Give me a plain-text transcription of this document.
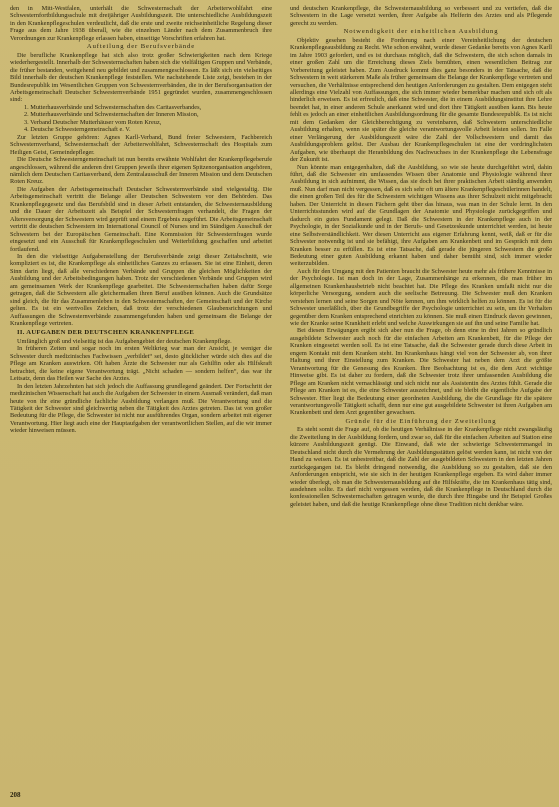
den in Mitt-Westfalen, unterhält die Schwesternschaft der Arbeiterwohlfahrt eine Schwesternfortbildungsschule mit dreijähriger Ausbildungszeit. Die unterschiedliche Ausbildungszeit in den Krankenpflegeschulen verdeutlicht, daß die erste und zweite reichseinheitliche Regelung dieser Frage aus dem Jahre 1938 überall, wie die einzelnen Länder nach dem Zusammenbruch ihre Verordnungen zur Krankenpflege erlassen haben, einseitige Vorschriften erfahren hat.

Aufteilung der Berufsverbände

Die berufliche Krankenpflege hat sich also trotz großer Schwierigkeiten nach dem Kriege wiederhergestellt. Innerhalb der Schwesternschaften haben sich die vielfältigen Gruppen und Verbände, die früher bestanden, weitgehend neu gebildet und zusammengeschlossen. Es läßt sich ein vielseitiges Bild innerhalb der deutschen Krankenpflege feststellen. Wie nachstehende Liste zeigt, bestehen in der Bundesrepublik im Wesentlichen Gruppen von Schwesternverbänden, die in der Berufsorganisation der Arbeitsgemeinschaft Deutscher Schwesternverbände 1951 gegründet wurden, zusammengeschlossen sind:

1. Mutterhausverbände und Schwesternschaften des Caritasverbandes,

2. Mutterhausverbände und Schwesternschaften der Inneren Mission,

3. Verband Deutscher Mutterhäuser vom Roten Kreuz,

4. Deutsche Schwesterngemeinschaft e. V.

Zur letzten Gruppe gehören: Agnes Karll-Verband, Bund freier Schwestern, Fachbereich Schwesternverband, Schwesternschaft der Arbeiterwohlfahrt, Schwesternschaft des Hospitals zum Heiligen Geist, Gemeindepfleger.

Die Deutsche Schwesterngemeinschaft ist nun bereits erwähnte Wohlfahrt der Krankenpflegeberufe angeschlossen, während die anderen drei Gruppen jeweils ihrer eigenen Spitzenorganisation angehören, nämlich dem Deutschen Caritasverband, dem Zentralausschuß der Inneren Mission und dem Deutschen Roten Kreuz.

Die Aufgaben der Arbeitsgemeinschaft Deutscher Schwesternverbände sind vielgestaltig. Die Arbeitsgemeinschaft vertritt die Belange aller Deutschen Schwestern vor den Behörden. Das Krankenpflegegesetz und das Berufsbild sind in dieser Arbeit entstanden, die Schwesternausbildung und die Dauer der Arbeitszeit als Beispiel der Schwesternfragen verhandelt, die Fragen der Altersversorgung der Schwestern wird geprüft und einem Ergebnis zugeführt. Die Arbeitsgemeinschaft vertritt die deutschen Schwestern im International Council of Nurses und im Ständigen Ausschuß der Schwestern bei der Europäischen Gemeinschaft. Eine Kommission für Schwesternfragen wurde eingesetzt und ein Ausschuß für Krankenpflegeschulen und Weiterbildung geschaffen und arbeitet fortlaufend.

In den die vielseitige Aufgabenstellung der Berufsverbände zeigt dieser Zeitabschnitt, wie kompliziert es ist, die Krankenpflege als einheitliches Ganzes zu erfassen. Sie ist eine Einheit, deren Sinn darin liegt, daß alle verschiedenen Verbände und Gruppen die gleichen Möglichkeiten der Ausbildung und der Arbeitsbedingungen haben. Trotz der verschiedenen Verbände und Gruppen wird am gemeinsamen Werk der Krankenpflege gearbeitet. Die Schwesternschaften haben dafür Sorge getragen, daß die Schwestern alle gleichermaßen ihren Beruf ausüben können. Auch die Grundsätze sind gleich, die für das Zusammenleben in den Schwesternschaften, der Gemeinschaft und der Kirche gelten. Es ist ein wertvolles Zeichen, daß trotz der verschiedenen Glaubensrichtungen und Auffassungen die Schwesternverbände zusammengefunden haben und gemeinsam die Belange der Krankenpflege vertreten.

II. AUFGABEN DER DEUTSCHEN KRANKENPFLEGE

Umfänglich groß und vielseitig ist das Aufgabengebiet der deutschen Krankenpflege.

In früheren Zeiten und sogar noch im ersten Weltkrieg war man der Ansicht, je weniger die Schwester durch medizinisches Fachwissen „verbildet“ sei, desto glücklicher würde sich dies auf die Pflege am Kranken auswirken. Oft haben Ärzte die Schwester nur als Gehilfin oder als Hilfskraft betrachtet, die keine eigene Verantwortung trägt. „Nicht schaden — sondern helfen“, das war ihr Leitsatz, denn das Heilen war Sache des Arztes.

In den letzten Jahrzehnten hat sich jedoch die Auffassung grundlegend geändert. Der Fortschritt der medizinischen Wissenschaft hat auch die Aufgaben der Schwester in einem Ausmaß verändert, daß man heute von ihr eine gründliche fachliche Ausbildung verlangen muß. Die Verantwortung und die Tätigkeit der Schwester sind gleichwertig neben die Tätigkeit des Arztes getreten. Das ist von großer Bedeutung für die Pflege, die Schwester ist nicht nur ausführendes Organ, sondern arbeitet mit eigener Verantwortung. Hier liegt auch eine der Hauptaufgaben der verantwortlichen Stellen, auf die wir immer wieder hinweisen müssen.

und deutschen Krankenpflege, die Schwesternausbildung so verbessert und zu vertiefen, daß die Schwestern in die Lage versetzt werden, ihrer Aufgabe als Helferin des Arztes und als Pflegende gerecht zu werden.

Notwendigkeit der einheitlichen Ausbildung

Objektiv gesehen besteht die Forderung nach einer Vereinheitlichung der deutschen Krankenpflegeausbildung zu Recht. Wie schon erwähnt, wurde dieser Gedanke bereits von Agnes Karll im Jahre 1903 gefordert, und es ist durchaus möglich, daß die Schwestern, die sich schon damals in einer großen Zahl um die Erreichung dieses Ziels bemühten, einen wesentlichen Beitrag zur Vorbereitung geleistet haben. Zum Ausdruck kommt dies ganz besonders in der Tatsache, daß die Schwestern in weit stärkerem Maße als früher gemeinsam die Belange der Krankenpflege vertreten und versuchen, die Verhältnisse entsprechend den heutigen Anforderungen zu gestalten. Dem entgegen steht allerdings eine Vielzahl von Auffassungen, die sich immer wieder bemerkbar machen und sich oft als hinderlich erweisen. Es ist erfreulich, daß eine Schwester, die in einem Ausbildungsinstitut ihre Lehre beendet hat, in einer anderen Schule anerkannt wird und dort ihre Tätigkeit ausüben kann. Bis heute fehlt es jedoch an einer einheitlichen Ausbildungsordnung für die gesamte Bundesrepublik. Es ist nicht mit dem Gedanken der Gleichberechtigung zu vereinbaren, daß Schwestern unterschiedliche Ausbildung erhalten, wenn sie später die gleiche verantwortungsvolle Arbeit leisten sollen. Im Falle einer Verlängerung der Ausbildungszeit wäre die Zahl der Vollschwestern und damit das Ausbildungsproblem gelöst. Der Ausbau der Krankenpflegeschulen ist eine der vordringlichsten Aufgaben, wie überhaupt die Heranbildung des Nachwuchses in der Krankenpflege die Lebensfrage der Zukunft ist.

Nun könnte man entgegenhalten, daß die Ausbildung, so wie sie heute durchgeführt wird, dahin führt, daß die Schwester ein umfassendes Wissen über Anatomie und Physiologie während ihrer Ausbildung in sich aufnimmt, die Wissen, das sie doch bei ihrer praktischen Arbeit ständig anwenden muß. Nun darf man nicht vergessen, daß es sich sehr oft um ältere Krankenpflegeschülerinnen handelt, die einen großen Teil des für die Schwestern wichtigen Wissens aus ihrer Schulzeit nicht mitgebracht haben. Der Unterricht in diesen Fächern geht über das hinaus, was man in der Schule lernt. In den Unterrichtsstunden wird auf die Grundlagen der Anatomie und Physiologie zurückgegriffen und dadurch ein gutes Fundament gelegt. Daß die Schwestern in der Krankenpflege auch in der Psychologie, in der Sozialkunde und in der Berufs- und Gesetzeskunde unterrichtet werden, ist heute eine Selbstverständlichkeit. Wer diesen Unterricht aus eigener Erfahrung kennt, weiß, daß er für die Schwester notwendig ist und sie befähigt, ihre Aufgaben am Krankenbett und im Gespräch mit dem Kranken besser zu erfüllen. Es ist eine Tatsache, daß gerade die jüngeren Schwestern die große Bedeutung einer guten Ausbildung erkannt haben und daher bemüht sind, sich immer wieder weiterzubilden.

Auch für den Umgang mit den Patienten braucht die Schwester heute mehr als frühere Kenntnisse in der Psychologie. Ist man doch in der Lage, Zusammenhänge zu erkennen, die man früher im allgemeinen Krankenhausbetrieb nicht beachtet hat. Die Pflege des Kranken umfaßt nicht nur die körperliche Versorgung, sondern auch die seelische Betreuung. Die Schwester muß den Kranken verstehen lernen und seine Sorgen und Nöte kennen, um ihm wirklich helfen zu können. Es ist für die Schwester unerläßlich, über die Grundbegriffe der Psychologie unterrichtet zu sein, um ihr Verhalten gegenüber dem Kranken entsprechend einrichten zu können. Sie muß einen Eindruck davon gewinnen, wie der Kranke seine Krankheit erlebt und welche Auswirkungen sie auf ihn und seine Familie hat.

Bei diesen Erwägungen ergibt sich aber nun die Frage, ob denn eine in drei Jahren so gründlich ausgebildete Schwester auch noch für die einfachen Arbeiten am Krankenbett, für die Pflege der Kranken eingesetzt werden soll. Es ist eine Tatsache, daß die Schwester gerade durch diese Arbeit in engem Kontakt mit dem Kranken steht. Im Krankenhaus hängt viel von der Schwester ab, von ihrer Haltung und ihrer Einstellung zum Kranken. Die Schwester hat neben dem Arzt die größte Verantwortung für die Genesung des Kranken. Ihre Beobachtung ist es, die dem Arzt wichtige Hinweise gibt. Es ist daher zu fordern, daß die Schwester trotz ihrer umfassenden Ausbildung die Pflege am Kranken nicht vernachlässigt und sich nicht nur als Assistentin des Arztes fühlt. Gerade die Pflege am Kranken ist es, die eine Schwester auszeichnet, und sie bleibt die eigentliche Aufgabe der Schwester. Hier liegt die Bedeutung einer geordneten Ausbildung, die die Grundlage für die spätere verantwortungsvolle Tätigkeit schafft, denn nur eine gut ausgebildete Schwester ist ihren Aufgaben am Krankenbett und dem Arzt gegenüber gewachsen.

Gründe für die Einführung der Zweiteilung

Es steht somit die Frage auf, ob die heutigen Verhältnisse in der Krankenpflege nicht zwangsläufig die Zweiteilung in der Ausbildung fordern, und zwar so, daß für die einfachen Arbeiten auf Station eine kürzere Ausbildungszeit genügt. Die Einwand, daß wie der schwierige Schwesternmangel in Deutschland nicht durch die Vermehrung der Ausbildungsstätten gelöst werden kann, ist nicht von der Hand zu weisen. Es ist unbestreitbar, daß die Zahl der ausgebildeten Schwestern in den letzten Jahren zurückgegangen ist. Es bleibt dringend notwendig, die Ausbildung so zu gestalten, daß sie den Anforderungen entspricht, wie sie sich in der heutigen Krankenpflege ergeben. Es wird daher immer wieder überlegt, ob man die Schwesternausbildung auf die Hilfskräfte, die im Krankenhaus tätig sind, ausdehnen sollte. Es darf nicht vergessen werden, daß die Krankenpflege in Deutschland durch die konfessionellen Schwesternschaften getragen wurde, die durch ihre Hingabe und ihr Beispiel Großes geleistet haben, und daß die heutige Krankenpflege ohne diese Tradition nicht denkbar wäre.

208
